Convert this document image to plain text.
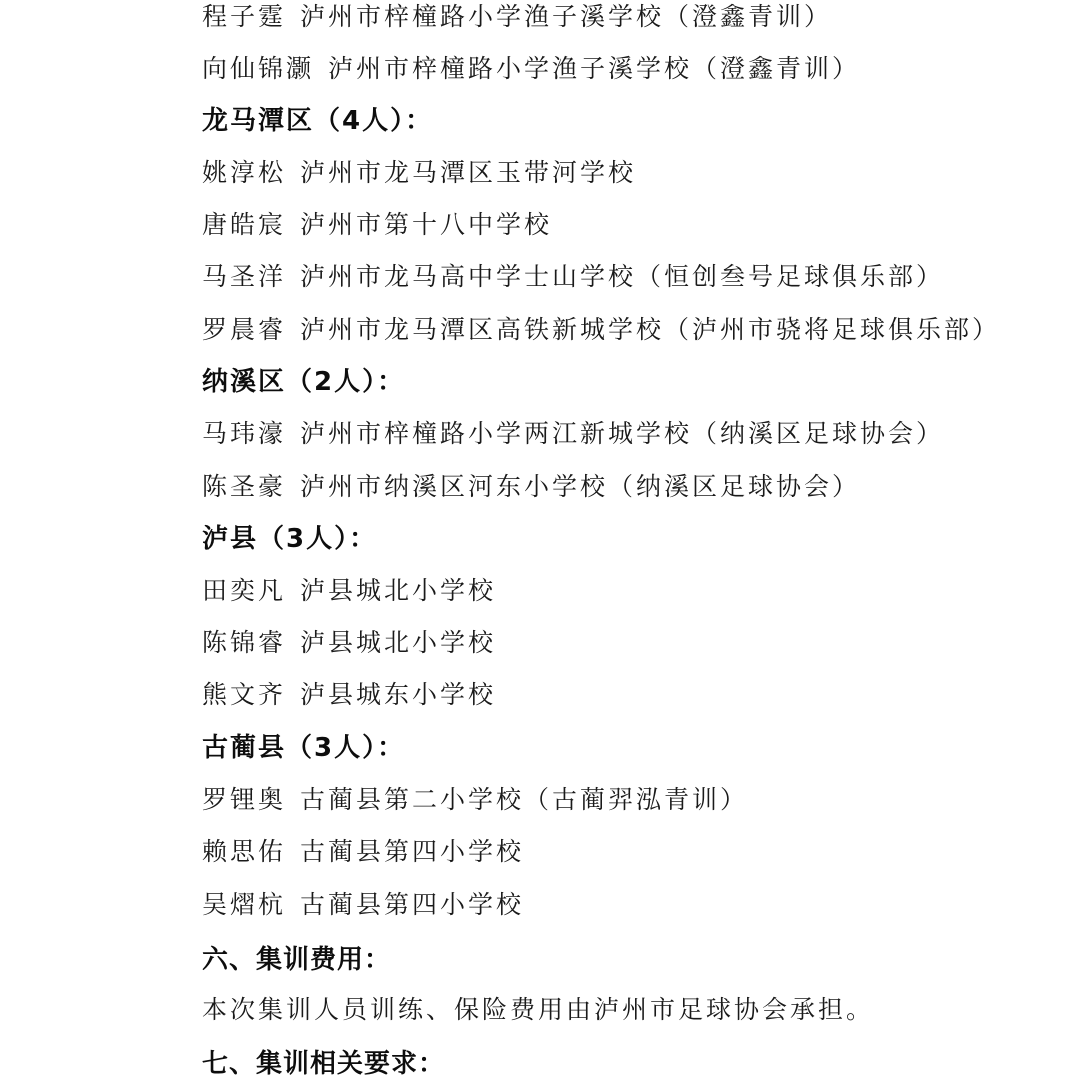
程子霆 泸州市梓橦路小学渔子溪学校（澄鑫青训）
向仙锦灏 泸州市梓橦路小学渔子溪学校（澄鑫青训）
龙马潭区（4人）：
姚淳松 泸州市龙马潭区玉带河学校
唐皓宸 泸州市第十八中学校
马圣洋 泸州市龙马高中学士山学校（恒创叁号足球俱乐部）
罗晨睿 泸州市龙马潭区高铁新城学校（泸州市骁将足球俱乐部）
纳溪区（2人）：
马玮濠 泸州市梓橦路小学两江新城学校（纳溪区足球协会）
陈圣豪 泸州市纳溪区河东小学校（纳溪区足球协会）
泸县（3人）：
田奕凡 泸县城北小学校
陈锦睿 泸县城北小学校
熊文齐 泸县城东小学校
古蔺县（3人）：
罗锂奥 古蔺县第二小学校（古蔺羿泓青训）
赖思佑 古蔺县第四小学校
吴熠杭 古蔺县第四小学校
六、集训费用：
本次集训人员训练、保险费用由泸州市足球协会承担。
七、集训相关要求：
